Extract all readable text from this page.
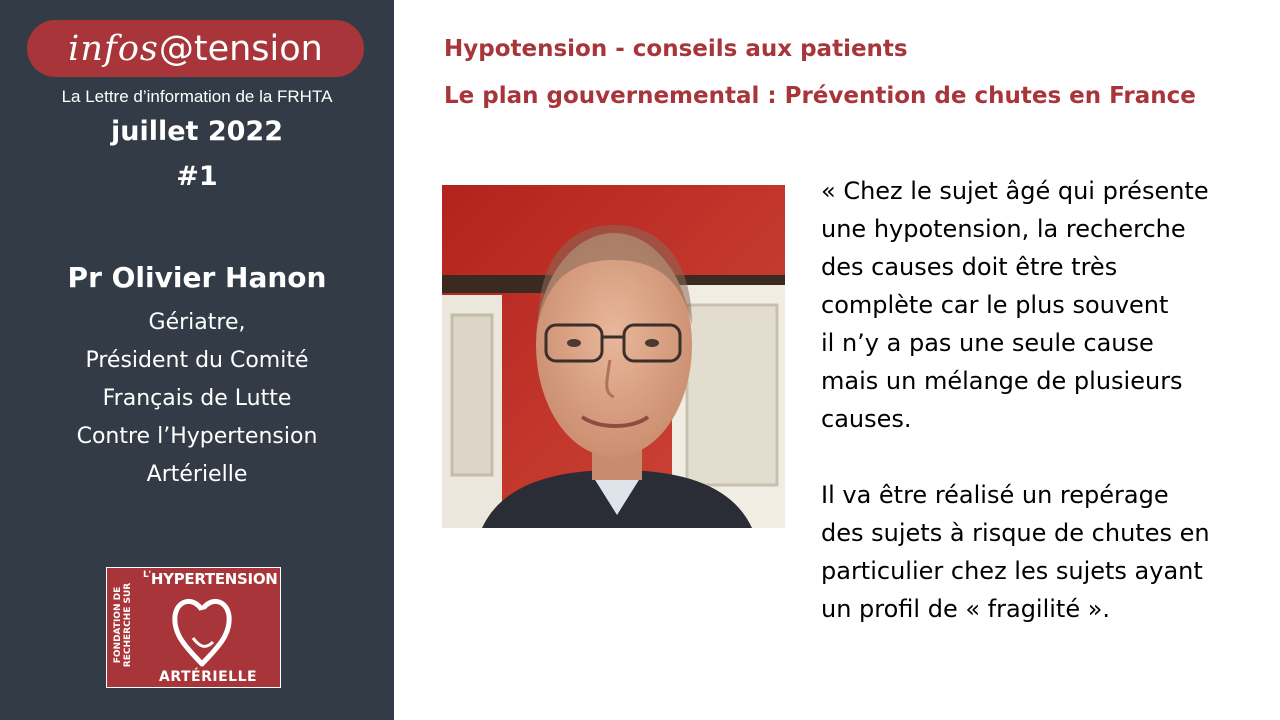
infos @tension
La Lettre d’information de la FRHTA
juillet 2022
#1
Pr Olivier Hanon
Gériatre,
Président du Comité
Français de Lutte
Contre l’Hypertension
Artérielle
FONDATION DE RECHERCHE SUR
$^{L'}$HYPERTENSION
ARTÉRIELLE
Hypotension - conseils aux patients
Le plan gouvernemental : Prévention de chutes en France

« Chez le sujet âgé qui présente
une hypotension, la recherche
des causes doit être très
complète car le plus souvent
il n’y a pas une seule cause
mais un mélange de plusieurs
causes.

Il va être réalisé un repérage
des sujets à risque de chutes en
particulier chez les sujets ayant
un profil de « fragilité ».
